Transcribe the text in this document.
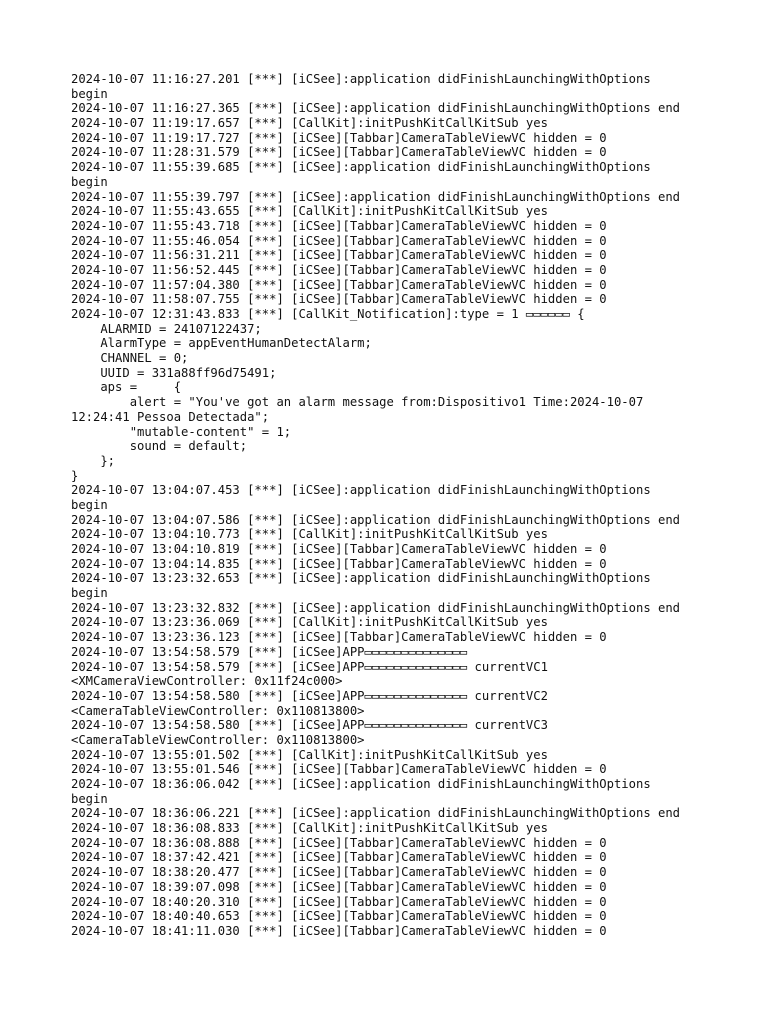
2024-10-07 11:16:27.201 [***] [iCSee]:application didFinishLaunchingWithOptions
begin
2024-10-07 11:16:27.365 [***] [iCSee]:application didFinishLaunchingWithOptions end
2024-10-07 11:19:17.657 [***] [CallKit]:initPushKitCallKitSub yes
2024-10-07 11:19:17.727 [***] [iCSee][Tabbar]CameraTableViewVC hidden = 0
2024-10-07 11:28:31.579 [***] [iCSee][Tabbar]CameraTableViewVC hidden = 0
2024-10-07 11:55:39.685 [***] [iCSee]:application didFinishLaunchingWithOptions
begin
2024-10-07 11:55:39.797 [***] [iCSee]:application didFinishLaunchingWithOptions end
2024-10-07 11:55:43.655 [***] [CallKit]:initPushKitCallKitSub yes
2024-10-07 11:55:43.718 [***] [iCSee][Tabbar]CameraTableViewVC hidden = 0
2024-10-07 11:55:46.054 [***] [iCSee][Tabbar]CameraTableViewVC hidden = 0
2024-10-07 11:56:31.211 [***] [iCSee][Tabbar]CameraTableViewVC hidden = 0
2024-10-07 11:56:52.445 [***] [iCSee][Tabbar]CameraTableViewVC hidden = 0
2024-10-07 11:57:04.380 [***] [iCSee][Tabbar]CameraTableViewVC hidden = 0
2024-10-07 11:58:07.755 [***] [iCSee][Tabbar]CameraTableViewVC hidden = 0
2024-10-07 12:31:43.833 [***] [CallKit_Notification]:type = 1 ▭▭▭▭▭▭ {
ALARMID = 24107122437;
AlarmType = appEventHumanDetectAlarm;
CHANNEL = 0;
UUID = 331a88ff96d75491;
aps =     {
alert = "You've got an alarm message from:Dispositivo1 Time:2024-10-07
12:24:41 Pessoa Detectada";
"mutable-content" = 1;
sound = default;
};
}
2024-10-07 13:04:07.453 [***] [iCSee]:application didFinishLaunchingWithOptions
begin
2024-10-07 13:04:07.586 [***] [iCSee]:application didFinishLaunchingWithOptions end
2024-10-07 13:04:10.773 [***] [CallKit]:initPushKitCallKitSub yes
2024-10-07 13:04:10.819 [***] [iCSee][Tabbar]CameraTableViewVC hidden = 0
2024-10-07 13:04:14.835 [***] [iCSee][Tabbar]CameraTableViewVC hidden = 0
2024-10-07 13:23:32.653 [***] [iCSee]:application didFinishLaunchingWithOptions
begin
2024-10-07 13:23:32.832 [***] [iCSee]:application didFinishLaunchingWithOptions end
2024-10-07 13:23:36.069 [***] [CallKit]:initPushKitCallKitSub yes
2024-10-07 13:23:36.123 [***] [iCSee][Tabbar]CameraTableViewVC hidden = 0
2024-10-07 13:54:58.579 [***] [iCSee]APP▭▭▭▭▭▭▭▭▭▭▭▭▭▭
2024-10-07 13:54:58.579 [***] [iCSee]APP▭▭▭▭▭▭▭▭▭▭▭▭▭▭ currentVC1
<XMCameraViewController: 0x11f24c000>
2024-10-07 13:54:58.580 [***] [iCSee]APP▭▭▭▭▭▭▭▭▭▭▭▭▭▭ currentVC2
<CameraTableViewController: 0x110813800>
2024-10-07 13:54:58.580 [***] [iCSee]APP▭▭▭▭▭▭▭▭▭▭▭▭▭▭ currentVC3
<CameraTableViewController: 0x110813800>
2024-10-07 13:55:01.502 [***] [CallKit]:initPushKitCallKitSub yes
2024-10-07 13:55:01.546 [***] [iCSee][Tabbar]CameraTableViewVC hidden = 0
2024-10-07 18:36:06.042 [***] [iCSee]:application didFinishLaunchingWithOptions
begin
2024-10-07 18:36:06.221 [***] [iCSee]:application didFinishLaunchingWithOptions end
2024-10-07 18:36:08.833 [***] [CallKit]:initPushKitCallKitSub yes
2024-10-07 18:36:08.888 [***] [iCSee][Tabbar]CameraTableViewVC hidden = 0
2024-10-07 18:37:42.421 [***] [iCSee][Tabbar]CameraTableViewVC hidden = 0
2024-10-07 18:38:20.477 [***] [iCSee][Tabbar]CameraTableViewVC hidden = 0
2024-10-07 18:39:07.098 [***] [iCSee][Tabbar]CameraTableViewVC hidden = 0
2024-10-07 18:40:20.310 [***] [iCSee][Tabbar]CameraTableViewVC hidden = 0
2024-10-07 18:40:40.653 [***] [iCSee][Tabbar]CameraTableViewVC hidden = 0
2024-10-07 18:41:11.030 [***] [iCSee][Tabbar]CameraTableViewVC hidden = 0
